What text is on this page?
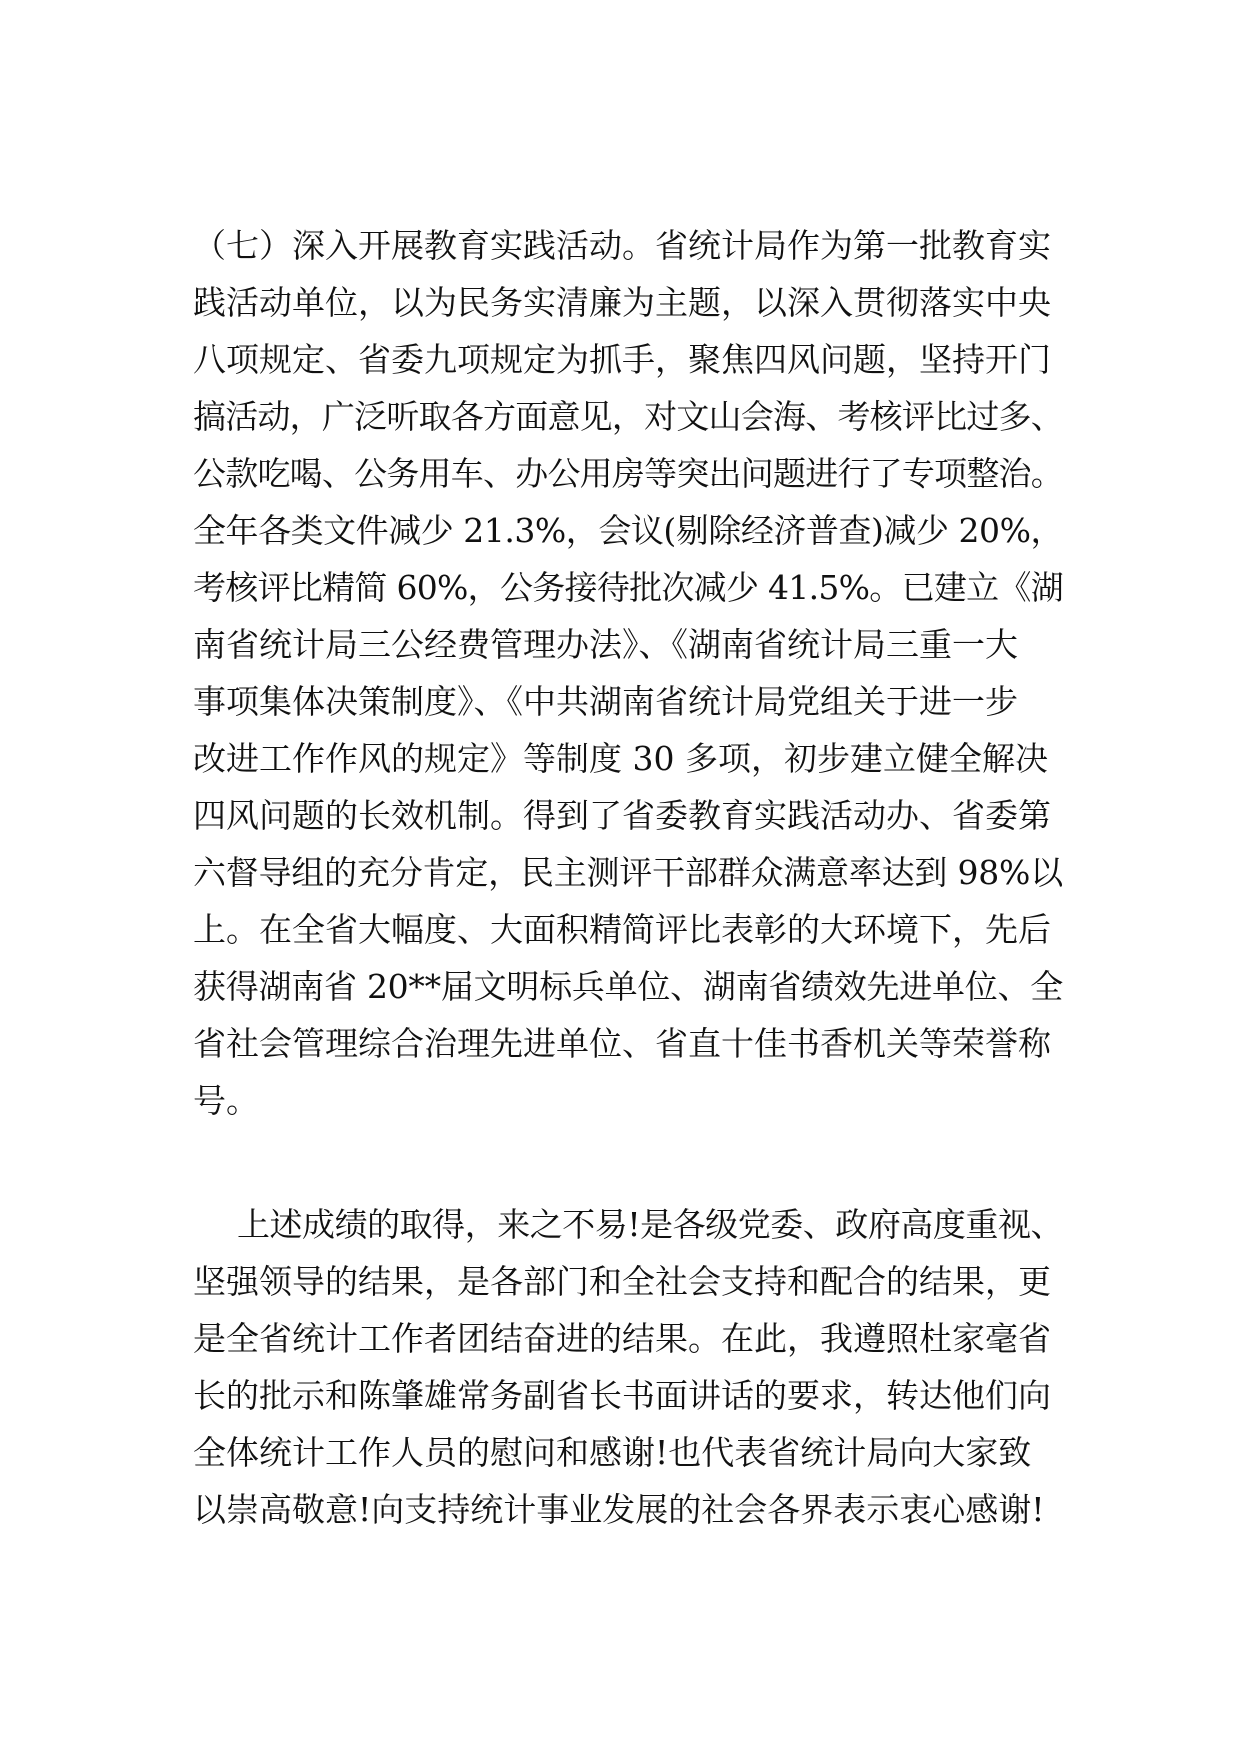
（七）深入开展教育实践活动。省统计局作为第一批教育实
践活动单位，以为民务实清廉为主题，以深入贯彻落实中央
八项规定、省委九项规定为抓手，聚焦四风问题，坚持开门
搞活动，广泛听取各方面意见，对文山会海、考核评比过多、
公款吃喝、公务用车、办公用房等突出问题进行了专项整治。
全年各类文件减少 21.3%，会议(剔除经济普查)减少 20%，
考核评比精简 60%，公务接待批次减少 41.5%。已建立《湖
南省统计局三公经费管理办法》、《湖南省统计局三重一大
事项集体决策制度》、《中共湖南省统计局党组关于进一步
改进工作作风的规定》等制度 30 多项，初步建立健全解决
四风问题的长效机制。得到了省委教育实践活动办、省委第
六督导组的充分肯定，民主测评干部群众满意率达到 98%以
上。在全省大幅度、大面积精简评比表彰的大环境下，先后
获得湖南省 20**届文明标兵单位、湖南省绩效先进单位、全
省社会管理综合治理先进单位、省直十佳书香机关等荣誉称
号。
上述成绩的取得，来之不易!是各级党委、政府高度重视、
坚强领导的结果，是各部门和全社会支持和配合的结果，更
是全省统计工作者团结奋进的结果。在此，我遵照杜家毫省
长的批示和陈肇雄常务副省长书面讲话的要求，转达他们向
全体统计工作人员的慰问和感谢!也代表省统计局向大家致
以崇高敬意!向支持统计事业发展的社会各界表示衷心感谢!
